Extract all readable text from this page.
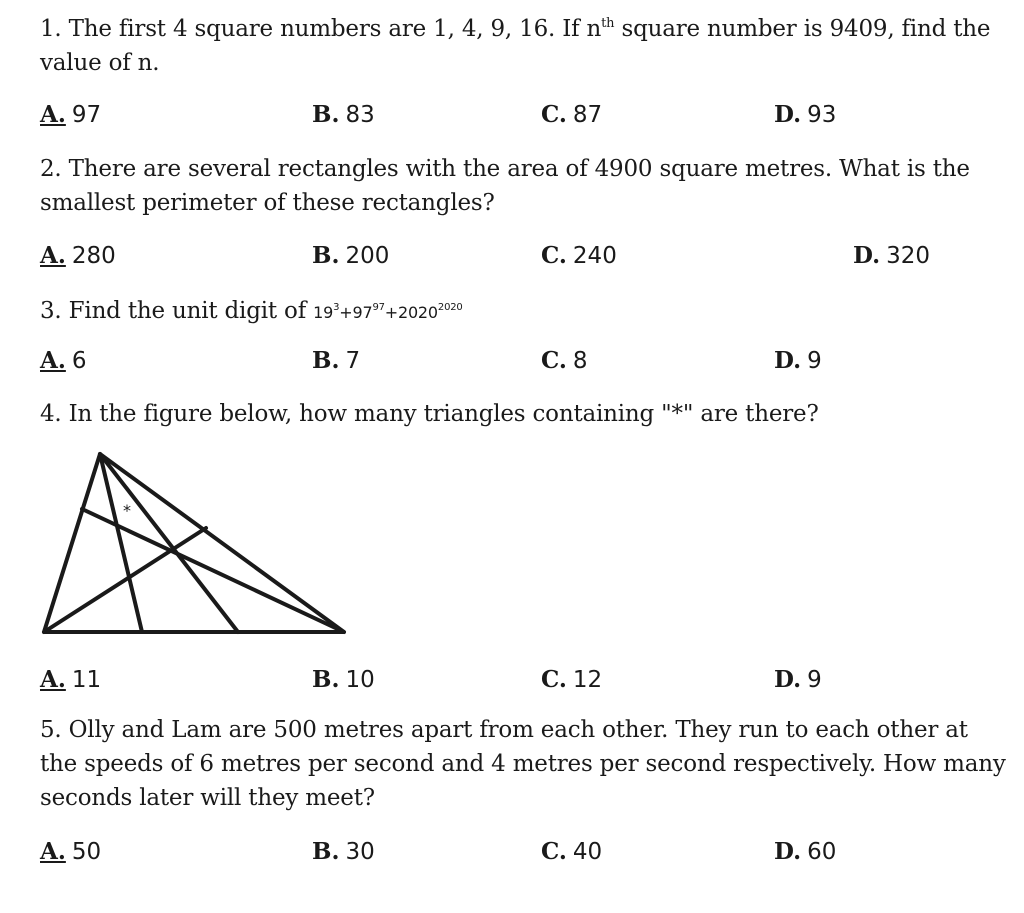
1. The first 4 square numbers are 1, 4, 9, 16. If $n^{th}$ square number is 9409, find the value of n.
A. 97	B. 83	C. 87	D. 93
2. There are several rectangles with the area of 4900 square metres. What is the smallest perimeter of these rectangles?
A. 280	B. 200	C. 240	D. 320
3. Find the unit digit of $19^3+97^{97}+2020^{2020}$
A. 6	B. 7	C. 8	D. 9
4. In the figure below, how many triangles containing "*" are there?
*
A. 11	B. 10	C. 12	D. 9
5. Olly and Lam are 500 metres apart from each other. They run to each other at the speeds of 6 metres per second and 4 metres per second respectively. How many seconds later will they meet?
A. 50	B. 30	C. 40	D. 60
